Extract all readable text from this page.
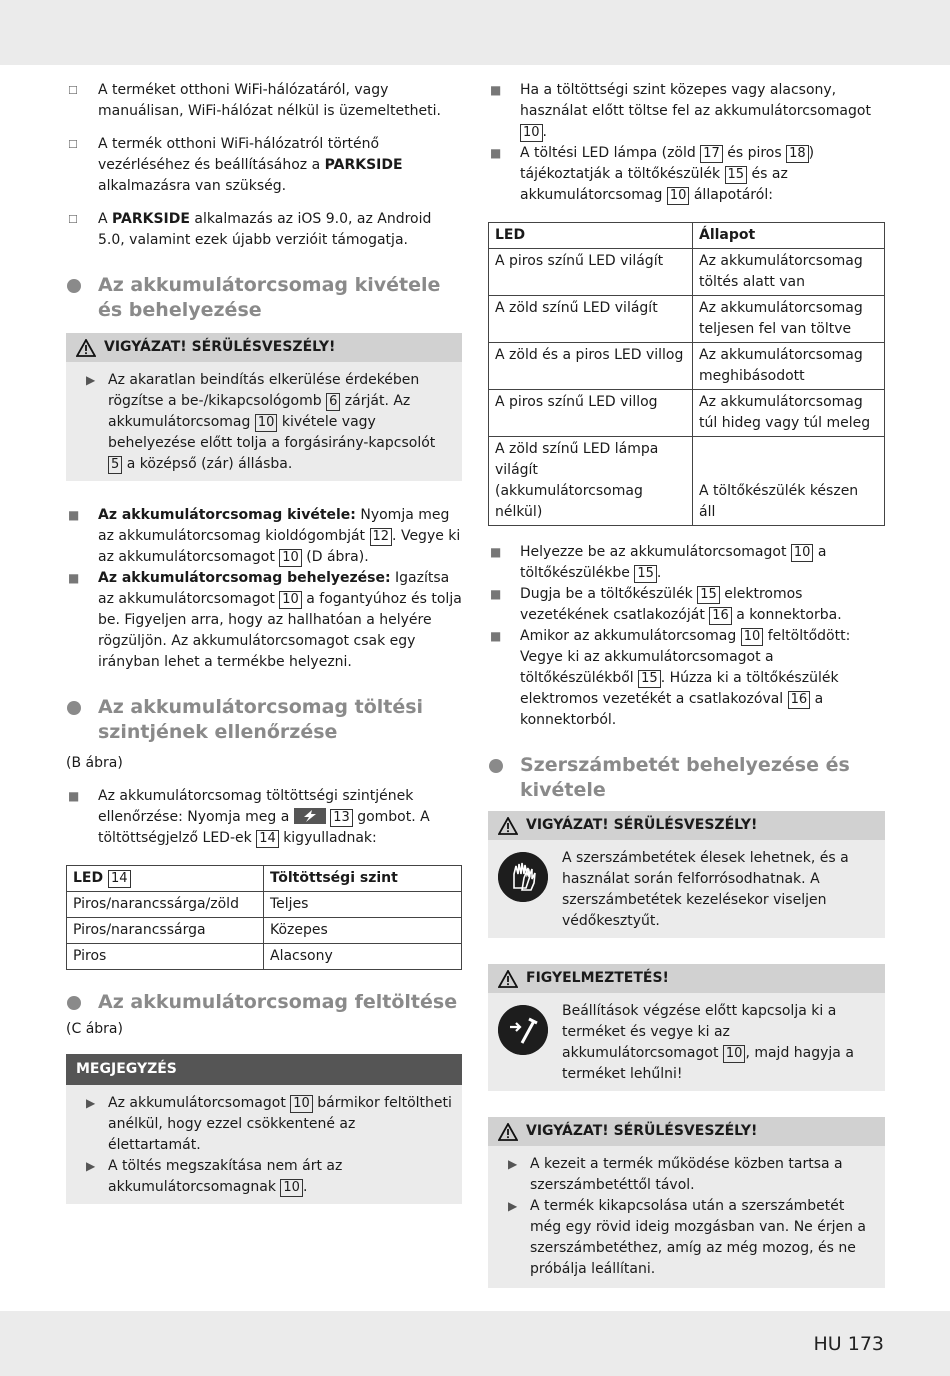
☐ A terméket otthoni WiFi-hálózatáról, vagy manuálisan, WiFi-hálózat nélkül is üzemeltetheti.
☐ A termék otthoni WiFi-hálózatról történő vezérléséhez és beállításához a PARKSIDE alkalmazásra van szükség.
☐ A PARKSIDE alkalmazás az iOS 9.0, az Android 5.0, valamint ezek újabb verzióit támogatja.
Az akkumulátorcsomag kivétele és behelyezése
VIGYÁZAT! SÉRÜLÉSVESZÉLY!
▶ Az akaratlan beindítás elkerülése érdekében rögzítse a be-/kikapcsológomb 6 zárját. Az akkumulátorcsomag 10 kivétele vagy behelyezése előtt tolja a forgásirány-kapcsolót 5 a középső (zár) állásba.
■ Az akkumulátorcsomag kivétele: Nyomja meg az akkumulátorcsomag kioldógombját 12 . Vegye ki az akkumulátorcsomagot 10 (D ábra).
■ Az akkumulátorcsomag behelyezése: Igazítsa az akkumulátorcsomagot 10 a fogantyúhoz és tolja be. Figyeljen arra, hogy az hallhatóan a helyére rögzüljön. Az akkumulátorcsomagot csak egy irányban lehet a termékbe helyezni.
Az akkumulátorcsomag töltési szintjének ellenőrzése
(B ábra)
■ Az akkumulátorcsomag töltöttségi szintjének ellenőrzése: Nyomja meg a	13 gombot. A töltöttségjelző LED-ek 14 kigyulladnak:
LED 14	Töltöttségi szint
Piros/narancssárga/zöld	Teljes
Piros/narancssárga	Közepes
Piros	Alacsony
Az akkumulátorcsomag feltöltése
(C ábra)
MEGJEGYZÉS
▶ Az akkumulátorcsomagot 10 bármikor feltöltheti anélkül, hogy ezzel csökkentené az élettartamát.
▶ A töltés megszakítása nem árt az akkumulátorcsomagnak 10 .
■ Ha a töltöttségi szint közepes vagy alacsony, használat előtt töltse fel az akkumulátorcsomagot 10 .
■ A töltési LED lámpa (zöld 17 és piros 18 ) tájékoztatják a töltőkészülék 15 és az akkumulátorcsomag 10 állapotáról:
LED	Állapot
A piros színű LED világít	Az akkumulátorcsomag töltés alatt van
A zöld színű LED világít	Az akkumulátorcsomag teljesen fel van töltve
A zöld és a piros LED villog	Az akkumulátorcsomag meghibásodott
A piros színű LED villog	Az akkumulátorcsomag túl hideg vagy túl meleg
A zöld színű LED lámpa világít (akkumulátorcsomag nélkül)	A töltőkészülék készen áll
■ Helyezze be az akkumulátorcsomagot 10 a töltőkészülékbe 15 .
■ Dugja be a töltőkészülék 15 elektromos vezetékének csatlakozóját 16 a konnektorba.
■ Amikor az akkumulátorcsomag 10 feltöltődött: Vegye ki az akkumulátorcsomagot a töltőkészülékből 15 . Húzza ki a töltőkészülék elektromos vezetékét a csatlakozóval 16 a konnektorból.
Szerszámbetét behelyezése és kivétele
VIGYÁZAT! SÉRÜLÉSVESZÉLY!
A szerszámbetétek élesek lehetnek, és a használat során felforrósodhatnak. A szerszámbetétek kezelésekor viseljen védőkesztyűt.
FIGYELMEZTETÉS!
Beállítások végzése előtt kapcsolja ki a terméket és vegye ki az akkumulátorcsomagot 10 , majd hagyja a terméket lehűlni!
VIGYÁZAT! SÉRÜLÉSVESZÉLY!
▶ A kezeit a termék működése közben tartsa a szerszámbetéttől távol.
▶ A termék kikapcsolása után a szerszámbetét még egy rövid ideig mozgásban van. Ne érjen a szerszámbetéthez, amíg az még mozog, és ne próbálja leállítani.
HU 173
